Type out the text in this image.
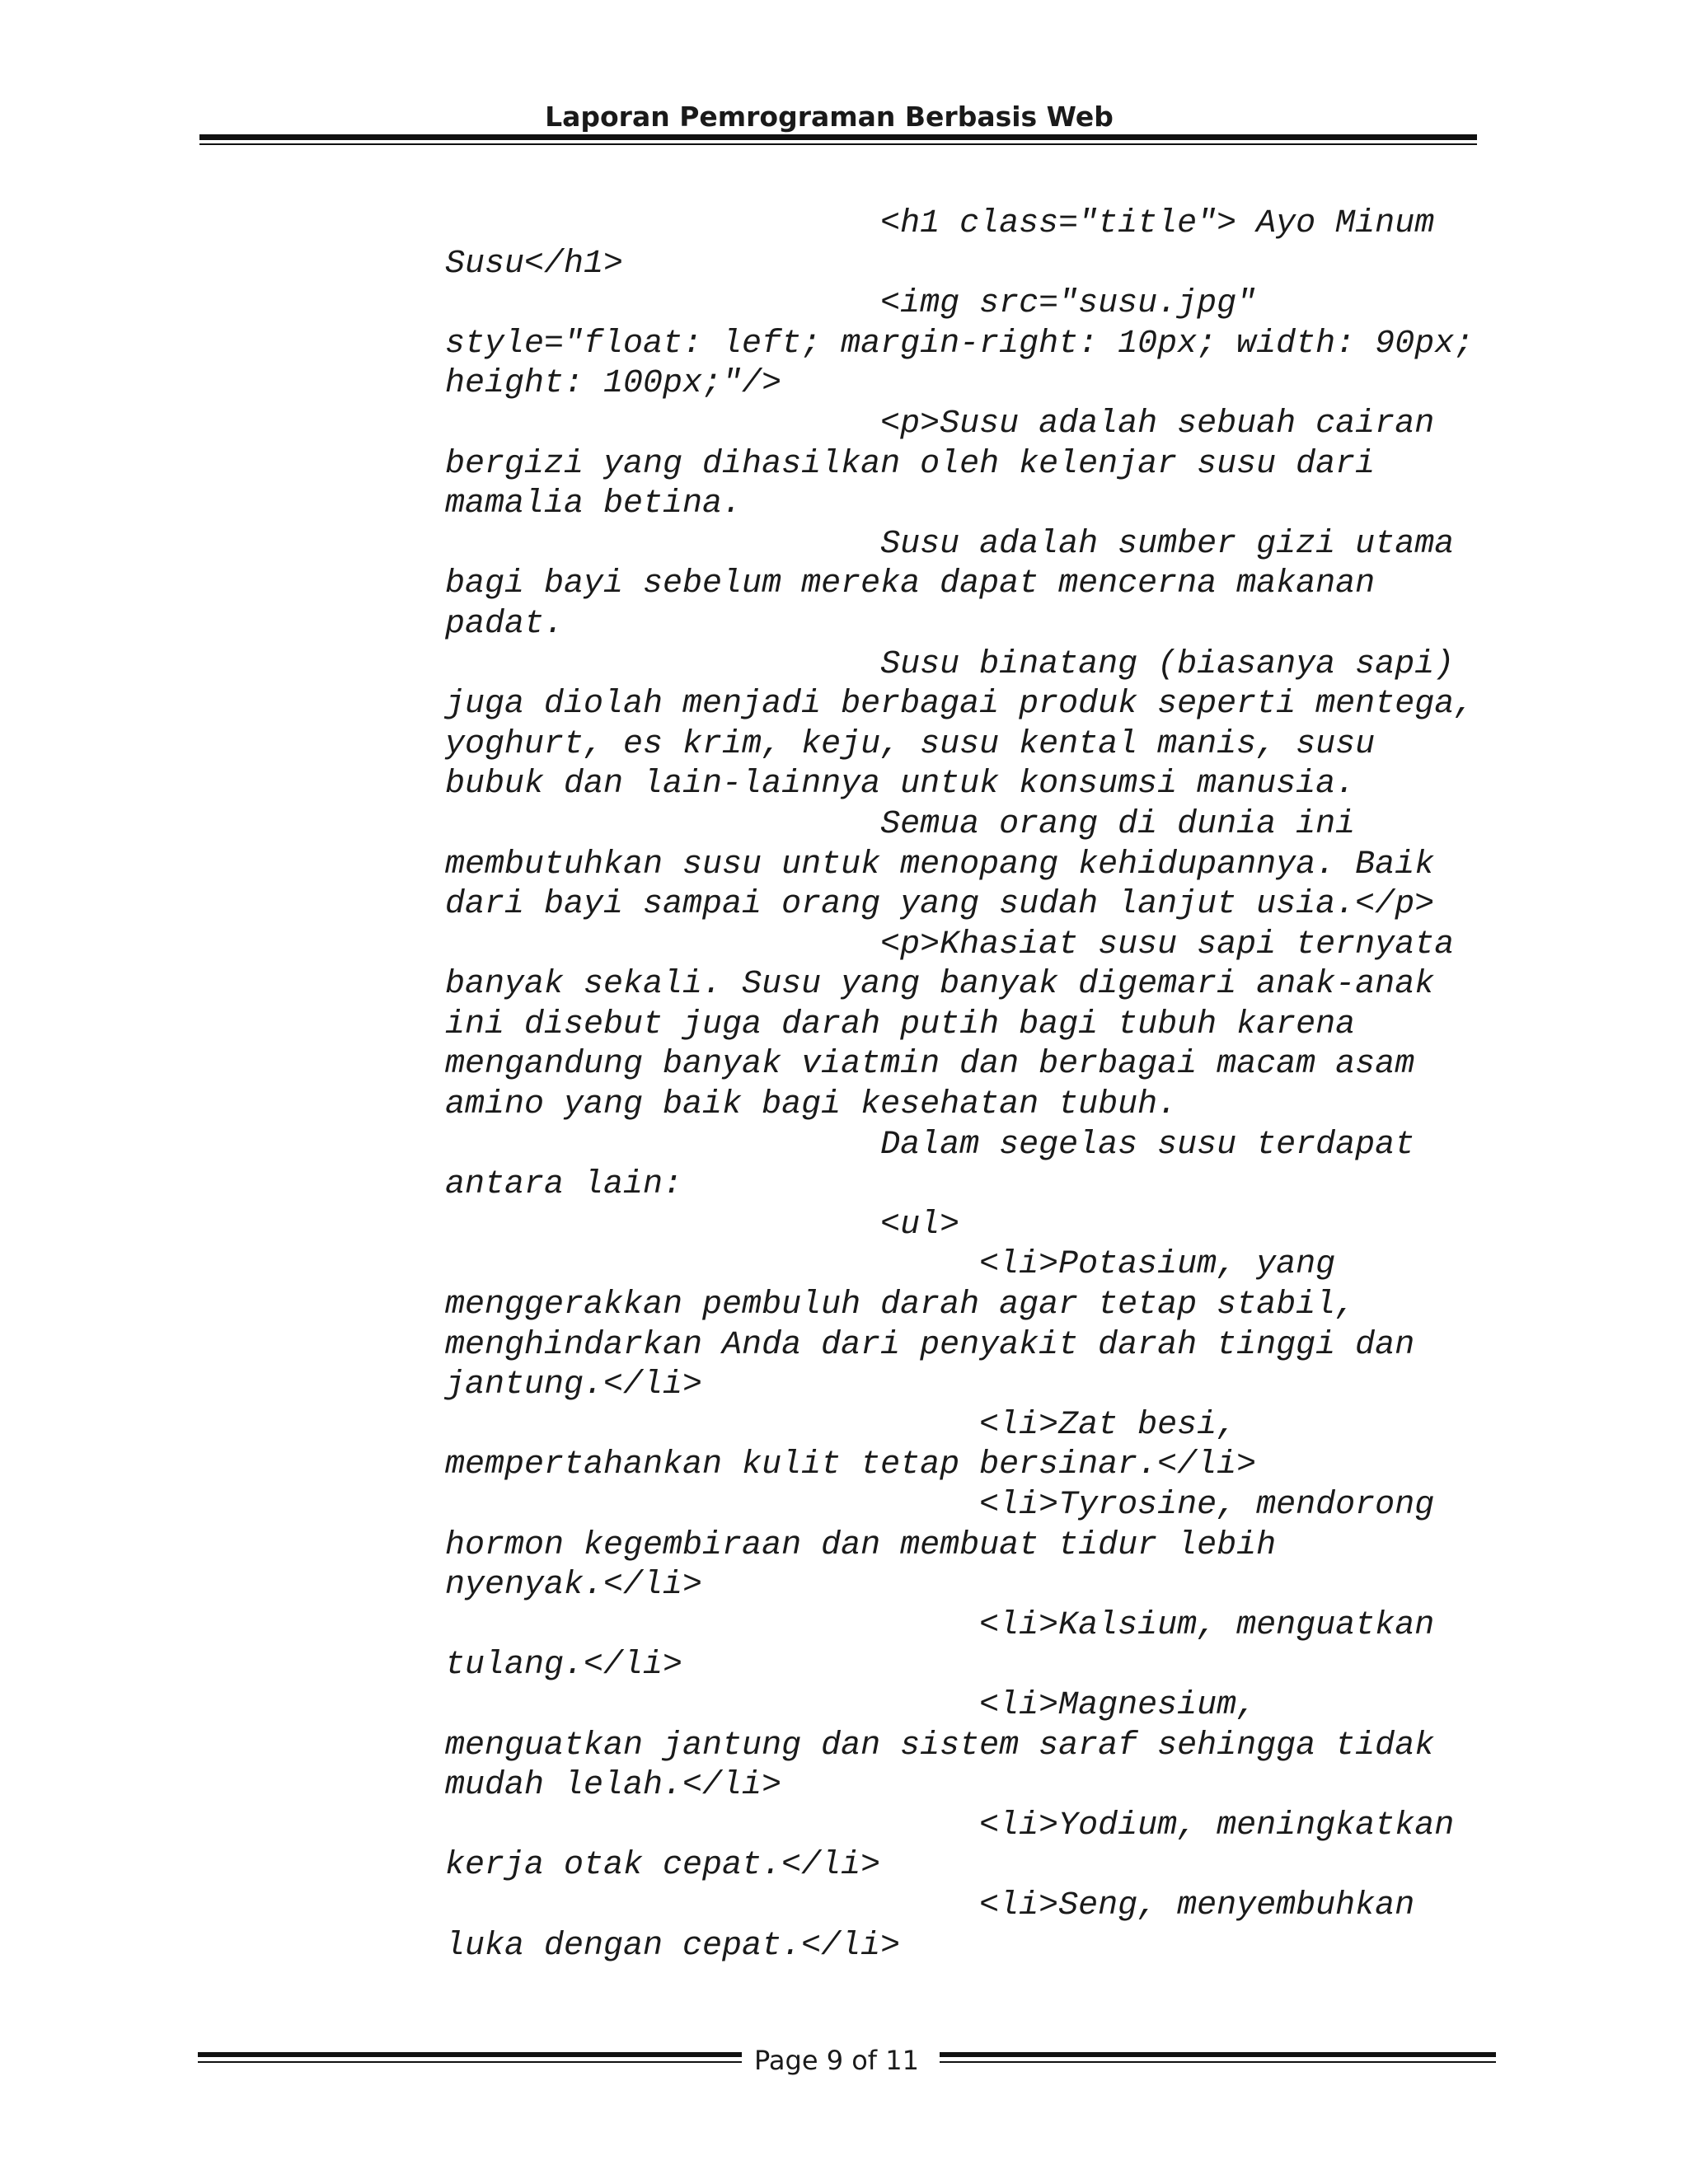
Laporan Pemrograman Berbasis Web
<h1 class="title"> Ayo Minum
Susu</h1>
<img src="susu.jpg"
style="float: left; margin-right: 10px; width: 90px;
height: 100px;"/>
<p>Susu adalah sebuah cairan
bergizi yang dihasilkan oleh kelenjar susu dari
mamalia betina.
Susu adalah sumber gizi utama
bagi bayi sebelum mereka dapat mencerna makanan
padat.
Susu binatang (biasanya sapi)
juga diolah menjadi berbagai produk seperti mentega,
yoghurt, es krim, keju, susu kental manis, susu
bubuk dan lain-lainnya untuk konsumsi manusia.
Semua orang di dunia ini
membutuhkan susu untuk menopang kehidupannya. Baik
dari bayi sampai orang yang sudah lanjut usia.</p>
<p>Khasiat susu sapi ternyata
banyak sekali. Susu yang banyak digemari anak-anak
ini disebut juga darah putih bagi tubuh karena
mengandung banyak viatmin dan berbagai macam asam
amino yang baik bagi kesehatan tubuh.
Dalam segelas susu terdapat
antara lain:
<ul>
<li>Potasium, yang
menggerakkan pembuluh darah agar tetap stabil,
menghindarkan Anda dari penyakit darah tinggi dan
jantung.</li>
<li>Zat besi,
mempertahankan kulit tetap bersinar.</li>
<li>Tyrosine, mendorong
hormon kegembiraan dan membuat tidur lebih
nyenyak.</li>
<li>Kalsium, menguatkan
tulang.</li>
<li>Magnesium,
menguatkan jantung dan sistem saraf sehingga tidak
mudah lelah.</li>
<li>Yodium, meningkatkan
kerja otak cepat.</li>
<li>Seng, menyembuhkan
luka dengan cepat.</li>
Page 9 of 11
